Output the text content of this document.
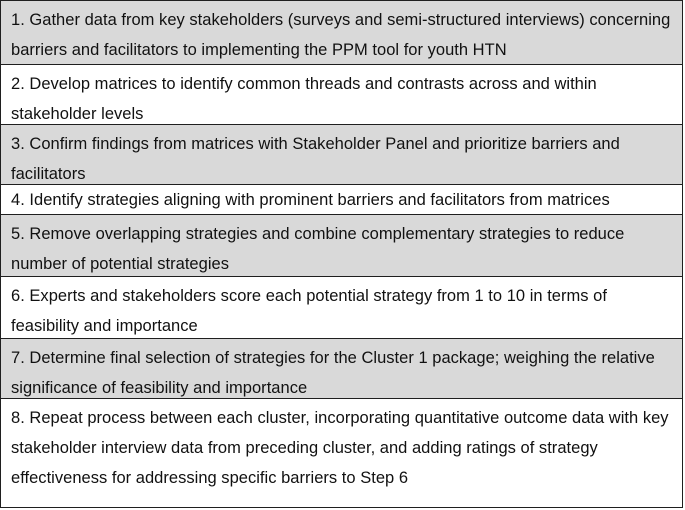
1. Gather data from key stakeholders (surveys and semi-structured interviews) concerning barriers and facilitators to implementing the PPM tool for youth HTN
2. Develop matrices to identify common threads and contrasts across and within stakeholder levels
3. Confirm findings from matrices with Stakeholder Panel and prioritize barriers and facilitators
4. Identify strategies aligning with prominent barriers and facilitators from matrices
5. Remove overlapping strategies and combine complementary strategies to reduce number of potential strategies
6. Experts and stakeholders score each potential strategy from 1 to 10 in terms of feasibility and importance
7. Determine final selection of strategies for the Cluster 1 package; weighing the relative significance of feasibility and importance
8. Repeat process between each cluster, incorporating quantitative outcome data with key stakeholder interview data from preceding cluster, and adding ratings of strategy effectiveness for addressing specific barriers to Step 6
